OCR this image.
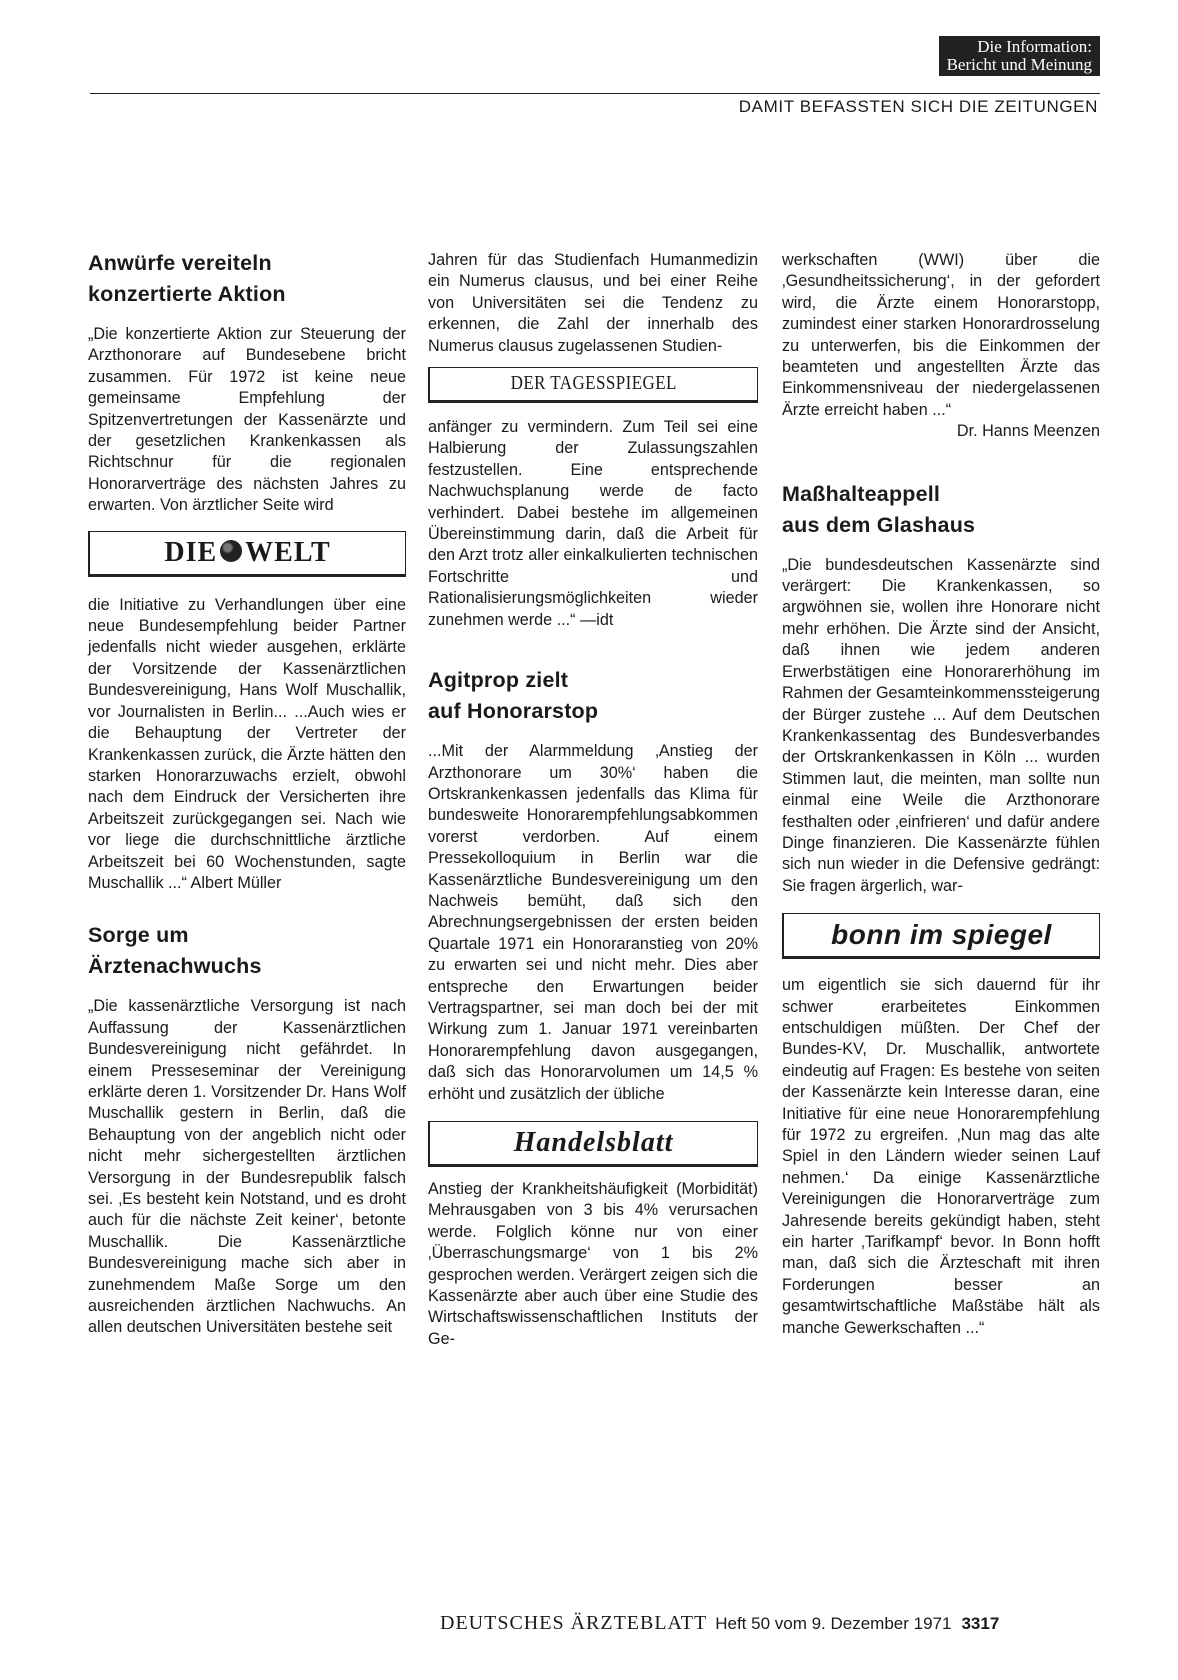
Die Information:
Bericht und Meinung
DAMIT BEFASSTEN SICH DIE ZEITUNGEN
Anwürfe vereiteln
konzertierte Aktion

„Die konzertierte Aktion zur Steuerung der Arzthonorare auf Bundesebene bricht zusammen. Für 1972 ist keine neue gemeinsame Empfehlung der Spitzenvertretungen der Kassenärzte und der gesetzlichen Krankenkassen als Richtschnur für die regionalen Honorarverträge des nächsten Jahres zu erwarten. Von ärztlicher Seite wird

DIE WELT

die Initiative zu Verhandlungen über eine neue Bundesempfehlung beider Partner jedenfalls nicht wieder ausgehen, erklärte der Vorsitzende der Kassenärztlichen Bundesvereinigung, Hans Wolf Muschallik, vor Journalisten in Berlin... ...Auch wies er die Behauptung der Vertreter der Krankenkassen zurück, die Ärzte hätten den starken Honorarzuwachs erzielt, obwohl nach dem Eindruck der Versicherten ihre Arbeitszeit zurückgegangen sei. Nach wie vor liege die durchschnittliche ärztliche Arbeitszeit bei 60 Wochenstunden, sagte Muschallik ...“ Albert Müller

Sorge um
Ärztenachwuchs

„Die kassenärztliche Versorgung ist nach Auffassung der Kassenärztlichen Bundesvereinigung nicht gefährdet. In einem Presseseminar der Vereinigung erklärte deren 1. Vorsitzender Dr. Hans Wolf Muschallik gestern in Berlin, daß die Behauptung von der angeblich nicht oder nicht mehr sichergestellten ärztlichen Versorgung in der Bundesrepublik falsch sei. ‚Es besteht kein Notstand, und es droht auch für die nächste Zeit keiner‘, betonte Muschallik. Die Kassenärztliche Bundesvereinigung mache sich aber in zunehmendem Maße Sorge um den ausreichenden ärztlichen Nachwuchs. An allen deutschen Universitäten bestehe seit

Jahren für das Studienfach Humanmedizin ein Numerus clausus, und bei einer Reihe von Universitäten sei die Tendenz zu erkennen, die Zahl der innerhalb des Numerus clausus zugelassenen Studien-

DER TAGESSPIEGEL

anfänger zu vermindern. Zum Teil sei eine Halbierung der Zulassungszahlen festzustellen. Eine entsprechende Nachwuchsplanung werde de facto verhindert. Dabei bestehe im allgemeinen Übereinstimmung darin, daß die Arbeit für den Arzt trotz aller einkalkulierten technischen Fortschritte und Rationalisierungsmöglichkeiten wieder zunehmen werde ...“ —idt

Agitprop zielt
auf Honorarstop

...Mit der Alarmmeldung ‚Anstieg der Arzthonorare um 30%‘ haben die Ortskrankenkassen jedenfalls das Klima für bundesweite Honorarempfehlungsabkommen vorerst verdorben. Auf einem Pressekolloquium in Berlin war die Kassenärztliche Bundesvereinigung um den Nachweis bemüht, daß sich den Abrechnungsergebnissen der ersten beiden Quartale 1971 ein Honoraranstieg von 20% zu erwarten sei und nicht mehr. Dies aber entspreche den Erwartungen beider Vertragspartner, sei man doch bei der mit Wirkung zum 1. Januar 1971 vereinbarten Honorarempfehlung davon ausgegangen, daß sich das Honorarvolumen um 14,5 % erhöht und zusätzlich der übliche

Handelsblatt

Anstieg der Krankheitshäufigkeit (Morbidität) Mehrausgaben von 3 bis 4% verursachen werde. Folglich könne nur von einer ‚Überraschungsmarge‘ von 1 bis 2% gesprochen werden. Verärgert zeigen sich die Kassenärzte aber auch über eine Studie des Wirtschaftswissenschaftlichen Instituts der Ge-

werkschaften (WWI) über die ‚Gesundheitssicherung‘, in der gefordert wird, die Ärzte einem Honorarstopp, zumindest einer starken Honorardrosselung zu unterwerfen, bis die Einkommen der beamteten und angestellten Ärzte das Einkommensniveau der niedergelassenen Ärzte erreicht haben ...“

Dr. Hanns Meenzen

Maßhalteappell
aus dem Glashaus

„Die bundesdeutschen Kassenärzte sind verärgert: Die Krankenkassen, so argwöhnen sie, wollen ihre Honorare nicht mehr erhöhen. Die Ärzte sind der Ansicht, daß ihnen wie jedem anderen Erwerbstätigen eine Honorarerhöhung im Rahmen der Gesamteinkommenssteigerung der Bürger zustehe ... Auf dem Deutschen Krankenkassentag des Bundesverbandes der Ortskrankenkassen in Köln ... wurden Stimmen laut, die meinten, man sollte nun einmal eine Weile die Arzthonorare festhalten oder ‚einfrieren‘ und dafür andere Dinge finanzieren. Die Kassenärzte fühlen sich nun wieder in die Defensive gedrängt: Sie fragen ärgerlich, war-

bonn im spiegel

um eigentlich sie sich dauernd für ihr schwer erarbeitetes Einkommen entschuldigen müßten. Der Chef der Bundes-KV, Dr. Muschallik, antwortete eindeutig auf Fragen: Es bestehe von seiten der Kassenärzte kein Interesse daran, eine Initiative für eine neue Honorarempfehlung für 1972 zu ergreifen. ‚Nun mag das alte Spiel in den Ländern wieder seinen Lauf nehmen.‘ Da einige Kassenärztliche Vereinigungen die Honorarverträge zum Jahresende bereits gekündigt haben, steht ein harter ‚Tarifkampf‘ bevor. In Bonn hofft man, daß sich die Ärzteschaft mit ihren Forderungen besser an gesamtwirtschaftliche Maßstäbe hält als manche Gewerkschaften ...“

DEUTSCHES ÄRZTEBLATT Heft 50 vom 9. Dezember 1971 3317
